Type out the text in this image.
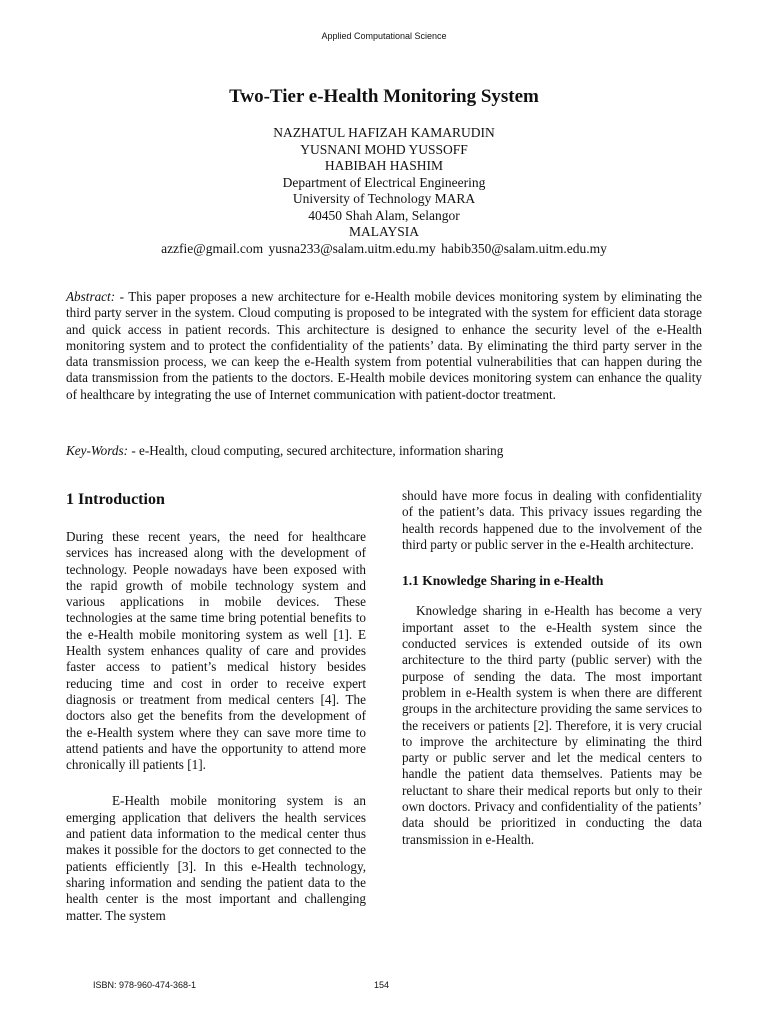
Applied Computational Science
Two-Tier e-Health Monitoring System
NAZHATUL HAFIZAH KAMARUDIN
YUSNANI MOHD YUSSOFF
HABIBAH HASHIM
Department of Electrical Engineering
University of Technology MARA
40450 Shah Alam, Selangor
MALAYSIA
azzfie@gmail.com yusna233@salam.uitm.edu.my habib350@salam.uitm.edu.my
Abstract: - This paper proposes a new architecture for e-Health mobile devices monitoring system by eliminating the third party server in the system. Cloud computing is proposed to be integrated with the system for efficient data storage and quick access in patient records. This architecture is designed to enhance the security level of the e-Health monitoring system and to protect the confidentiality of the patients’ data. By eliminating the third party server in the data transmission process, we can keep the e-Health system from potential vulnerabilities that can happen during the data transmission from the patients to the doctors. E-Health mobile devices monitoring system can enhance the quality of healthcare by integrating the use of Internet communication with patient-doctor treatment.
Key-Words: - e-Health, cloud computing, secured architecture, information sharing
1 Introduction

During these recent years, the need for healthcare services has increased along with the development of technology. People nowadays have been exposed with the rapid growth of mobile technology system and various applications in mobile devices. These technologies at the same time bring potential benefits to the e-Health mobile monitoring system as well [1]. E Health system enhances quality of care and provides faster access to patient’s medical history besides reducing time and cost in order to receive expert diagnosis or treatment from medical centers [4]. The doctors also get the benefits from the development of the e-Health system where they can save more time to attend patients and have the opportunity to attend more chronically ill patients [1].

E-Health mobile monitoring system is an emerging application that delivers the health services and patient data information to the medical center thus makes it possible for the doctors to get connected to the patients efficiently [3]. In this e-Health technology, sharing information and sending the patient data to the health center is the most important and challenging matter. The system

should have more focus in dealing with confidentiality of the patient’s data. This privacy issues regarding the health records happened due to the involvement of the third party or public server in the e-Health architecture.

1.1 Knowledge Sharing in e-Health

Knowledge sharing in e-Health has become a very important asset to the e-Health system since the conducted services is extended outside of its own architecture to the third party (public server) with the purpose of sending the data. The most important problem in e-Health system is when there are different groups in the architecture providing the same services to the receivers or patients [2]. Therefore, it is very crucial to improve the architecture by eliminating the third party or public server and let the medical centers to handle the patient data themselves. Patients may be reluctant to share their medical reports but only to their own doctors. Privacy and confidentiality of the patients’ data should be prioritized in conducting the data transmission in e-Health.

ISBN: 978-960-474-368-1	154
